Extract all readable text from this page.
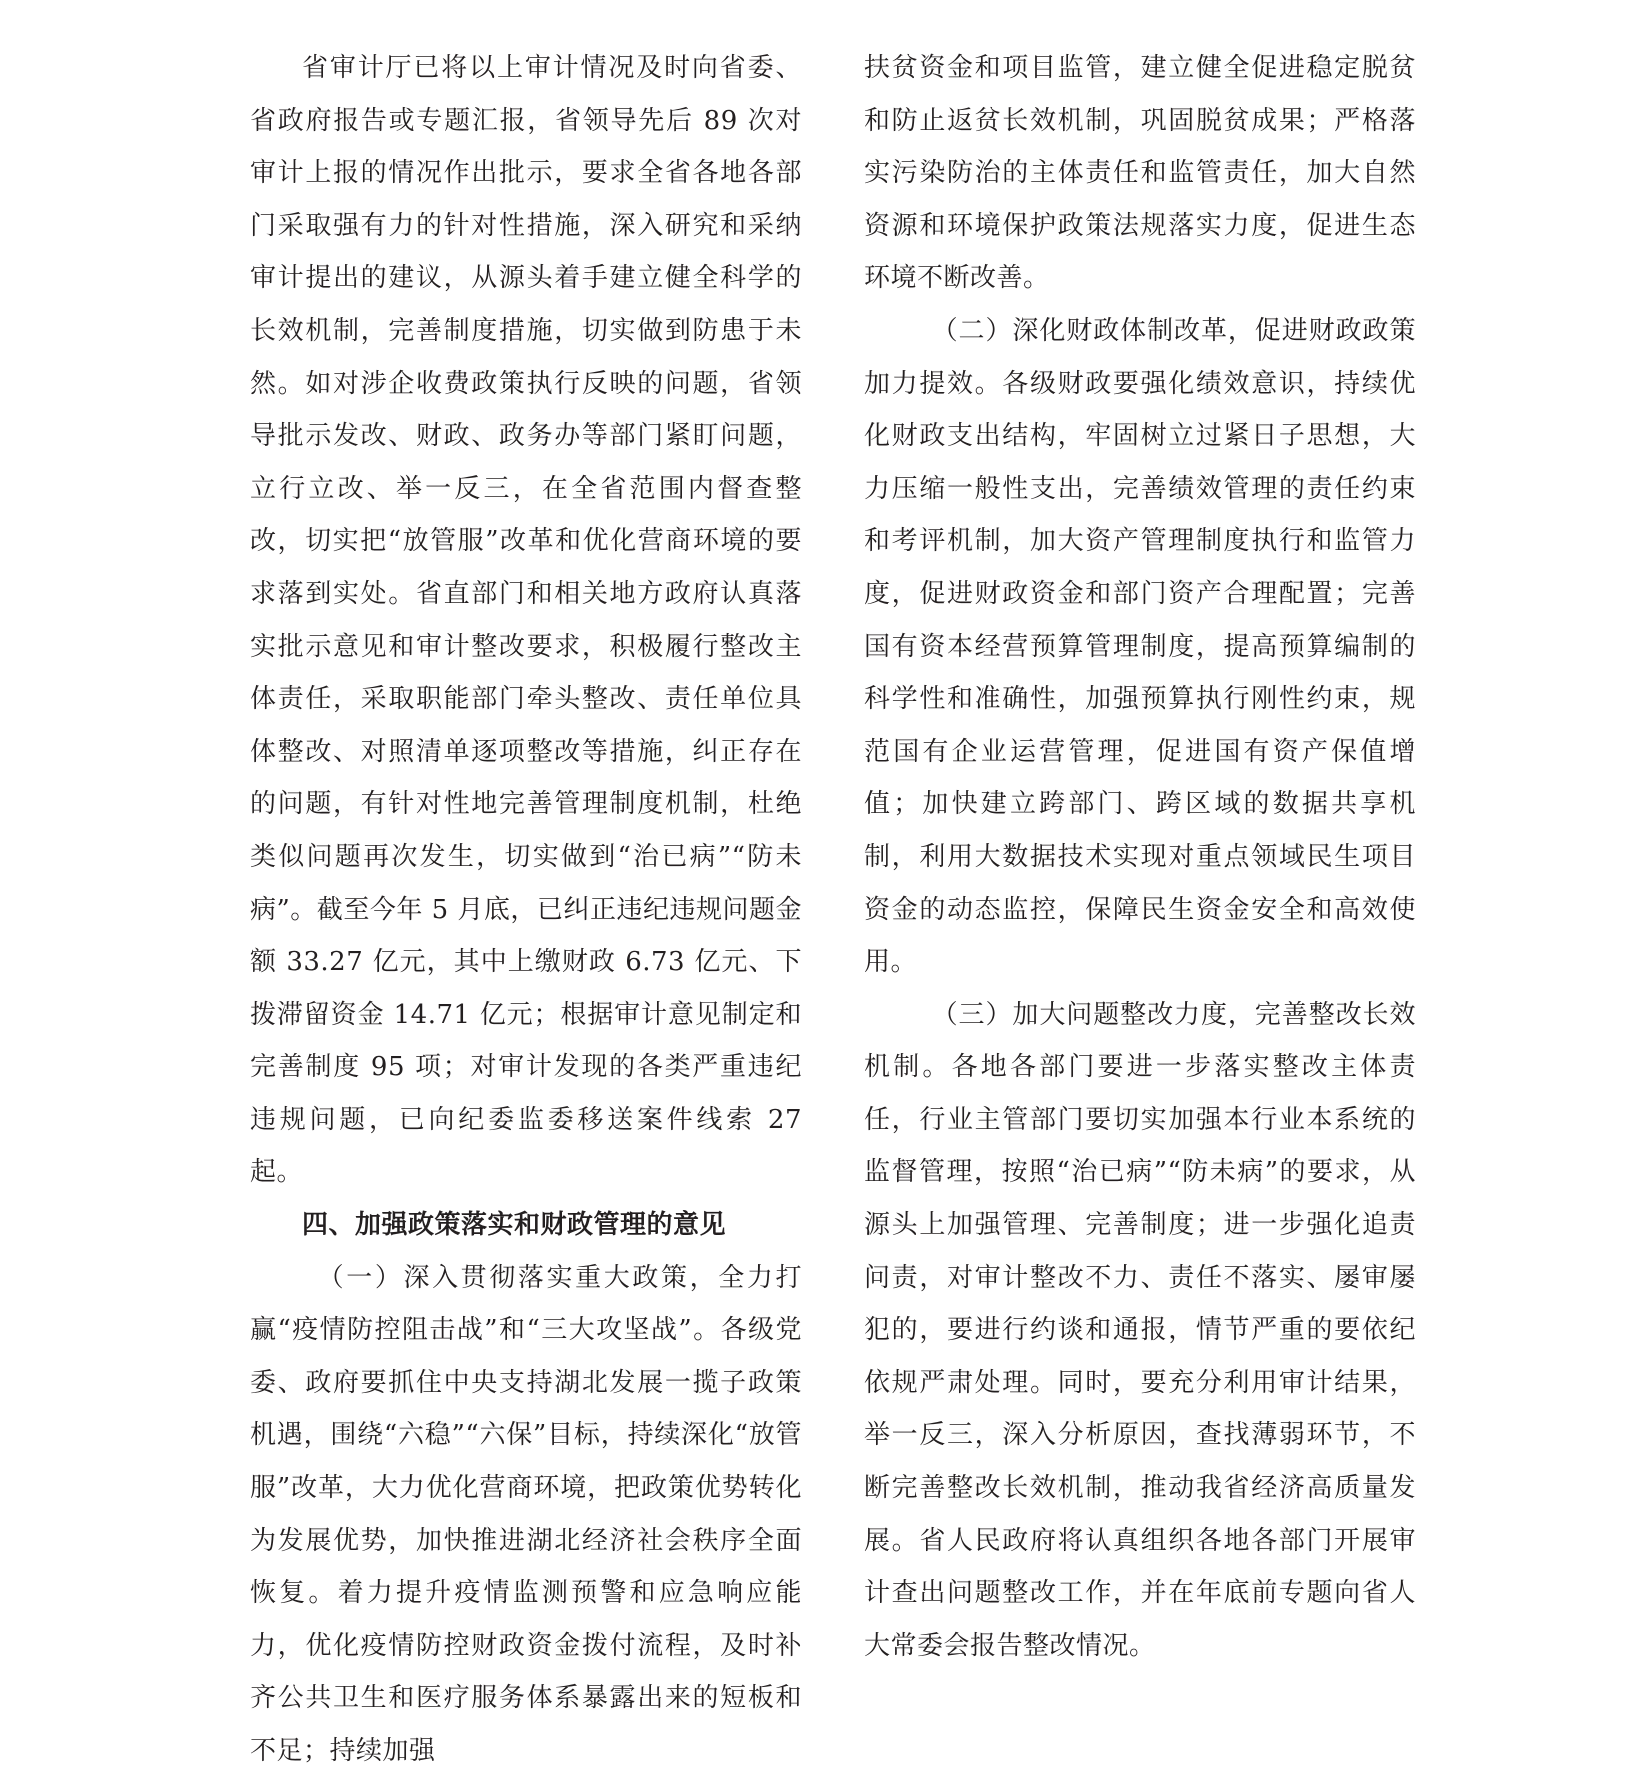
省审计厅已将以上审计情况及时向省委、省政府报告或专题汇报，省领导先后 89 次对审计上报的情况作出批示，要求全省各地各部门采取强有力的针对性措施，深入研究和采纳审计提出的建议，从源头着手建立健全科学的长效机制，完善制度措施，切实做到防患于未然。如对涉企收费政策执行反映的问题，省领导批示发改、财政、政务办等部门紧盯问题，立行立改、举一反三，在全省范围内督查整改，切实把“放管服”改革和优化营商环境的要求落到实处。省直部门和相关地方政府认真落实批示意见和审计整改要求，积极履行整改主体责任，采取职能部门牵头整改、责任单位具体整改、对照清单逐项整改等措施，纠正存在的问题，有针对性地完善管理制度机制，杜绝类似问题再次发生，切实做到“治已病”“防未病”。截至今年 5 月底，已纠正违纪违规问题金额 33.27 亿元，其中上缴财政 6.73 亿元、下拨滞留资金 14.71 亿元；根据审计意见制定和完善制度 95 项；对审计发现的各类严重违纪违规问题，已向纪委监委移送案件线索 27 起。

四、加强政策落实和财政管理的意见

（一）深入贯彻落实重大政策，全力打赢“疫情防控阻击战”和“三大攻坚战”。各级党委、政府要抓住中央支持湖北发展一揽子政策机遇，围绕“六稳”“六保”目标，持续深化“放管服”改革，大力优化营商环境，把政策优势转化为发展优势，加快推进湖北经济社会秩序全面恢复。着力提升疫情监测预警和应急响应能力，优化疫情防控财政资金拨付流程，及时补齐公共卫生和医疗服务体系暴露出来的短板和不足；持续加强

扶贫资金和项目监管，建立健全促进稳定脱贫和防止返贫长效机制，巩固脱贫成果；严格落实污染防治的主体责任和监管责任，加大自然资源和环境保护政策法规落实力度，促进生态环境不断改善。

（二）深化财政体制改革，促进财政政策加力提效。各级财政要强化绩效意识，持续优化财政支出结构，牢固树立过紧日子思想，大力压缩一般性支出，完善绩效管理的责任约束和考评机制，加大资产管理制度执行和监管力度，促进财政资金和部门资产合理配置；完善国有资本经营预算管理制度，提高预算编制的科学性和准确性，加强预算执行刚性约束，规范国有企业运营管理，促进国有资产保值增值；加快建立跨部门、跨区域的数据共享机制，利用大数据技术实现对重点领域民生项目资金的动态监控，保障民生资金安全和高效使用。

（三）加大问题整改力度，完善整改长效机制。各地各部门要进一步落实整改主体责任，行业主管部门要切实加强本行业本系统的监督管理，按照“治已病”“防未病”的要求，从源头上加强管理、完善制度；进一步强化追责问责，对审计整改不力、责任不落实、屡审屡犯的，要进行约谈和通报，情节严重的要依纪依规严肃处理。同时，要充分利用审计结果，举一反三，深入分析原因，查找薄弱环节，不断完善整改长效机制，推动我省经济高质量发展。省人民政府将认真组织各地各部门开展审计查出问题整改工作，并在年底前专题向省人大常委会报告整改情况。
